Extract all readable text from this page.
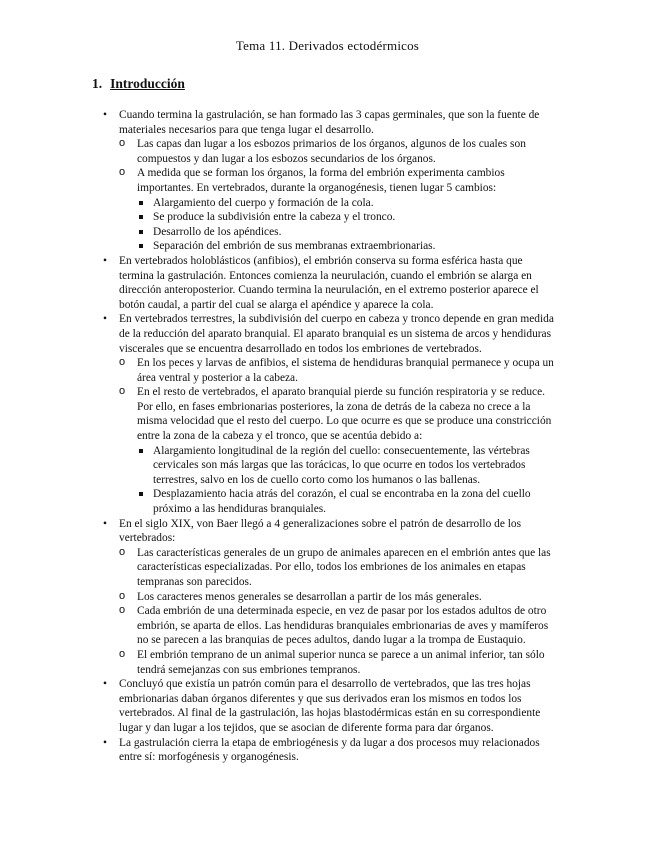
Tema 11. Derivados ectodérmicos
1. Introducción
• Cuando termina la gastrulación, se han formado las 3 capas germinales, que son la fuente de materiales necesarios para que tenga lugar el desarrollo.
o Las capas dan lugar a los esbozos primarios de los órganos, algunos de los cuales son compuestos y dan lugar a los esbozos secundarios de los órganos.
o A medida que se forman los órganos, la forma del embrión experimenta cambios importantes. En vertebrados, durante la organogénesis, tienen lugar 5 cambios:
Alargamiento del cuerpo y formación de la cola.
Se produce la subdivisión entre la cabeza y el tronco.
Desarrollo de los apéndices.
Separación del embrión de sus membranas extraembrionarias.
• En vertebrados holoblásticos (anfibios), el embrión conserva su forma esférica hasta que termina la gastrulación. Entonces comienza la neurulación, cuando el embrión se alarga en dirección anteroposterior. Cuando termina la neurulación, en el extremo posterior aparece el botón caudal, a partir del cual se alarga el apéndice y aparece la cola.
• En vertebrados terrestres, la subdivisión del cuerpo en cabeza y tronco depende en gran medida de la reducción del aparato branquial. El aparato branquial es un sistema de arcos y hendiduras viscerales que se encuentra desarrollado en todos los embriones de vertebrados.
o En los peces y larvas de anfibios, el sistema de hendiduras branquial permanece y ocupa un área ventral y posterior a la cabeza.
o En el resto de vertebrados, el aparato branquial pierde su función respiratoria y se reduce. Por ello, en fases embrionarias posteriores, la zona de detrás de la cabeza no crece a la misma velocidad que el resto del cuerpo. Lo que ocurre es que se produce una constricción entre la zona de la cabeza y el tronco, que se acentúa debido a:
Alargamiento longitudinal de la región del cuello: consecuentemente, las vértebras cervicales son más largas que las torácicas, lo que ocurre en todos los vertebrados terrestres, salvo en los de cuello corto como los humanos o las ballenas.
Desplazamiento hacia atrás del corazón, el cual se encontraba en la zona del cuello próximo a las hendiduras branquiales.
• En el siglo XIX, von Baer llegó a 4 generalizaciones sobre el patrón de desarrollo de los vertebrados:
o Las características generales de un grupo de animales aparecen en el embrión antes que las características especializadas. Por ello, todos los embriones de los animales en etapas tempranas son parecidos.
o Los caracteres menos generales se desarrollan a partir de los más generales.
o Cada embrión de una determinada especie, en vez de pasar por los estados adultos de otro embrión, se aparta de ellos. Las hendiduras branquiales embrionarias de aves y mamíferos no se parecen a las branquias de peces adultos, dando lugar a la trompa de Eustaquio.
o El embrión temprano de un animal superior nunca se parece a un animal inferior, tan sólo tendrá semejanzas con sus embriones tempranos.
• Concluyó que existía un patrón común para el desarrollo de vertebrados, que las tres hojas embrionarias daban órganos diferentes y que sus derivados eran los mismos en todos los vertebrados. Al final de la gastrulación, las hojas blastodérmicas están en su correspondiente lugar y dan lugar a los tejidos, que se asocian de diferente forma para dar órganos.
• La gastrulación cierra la etapa de embriogénesis y da lugar a dos procesos muy relacionados entre sí: morfogénesis y organogénesis.
